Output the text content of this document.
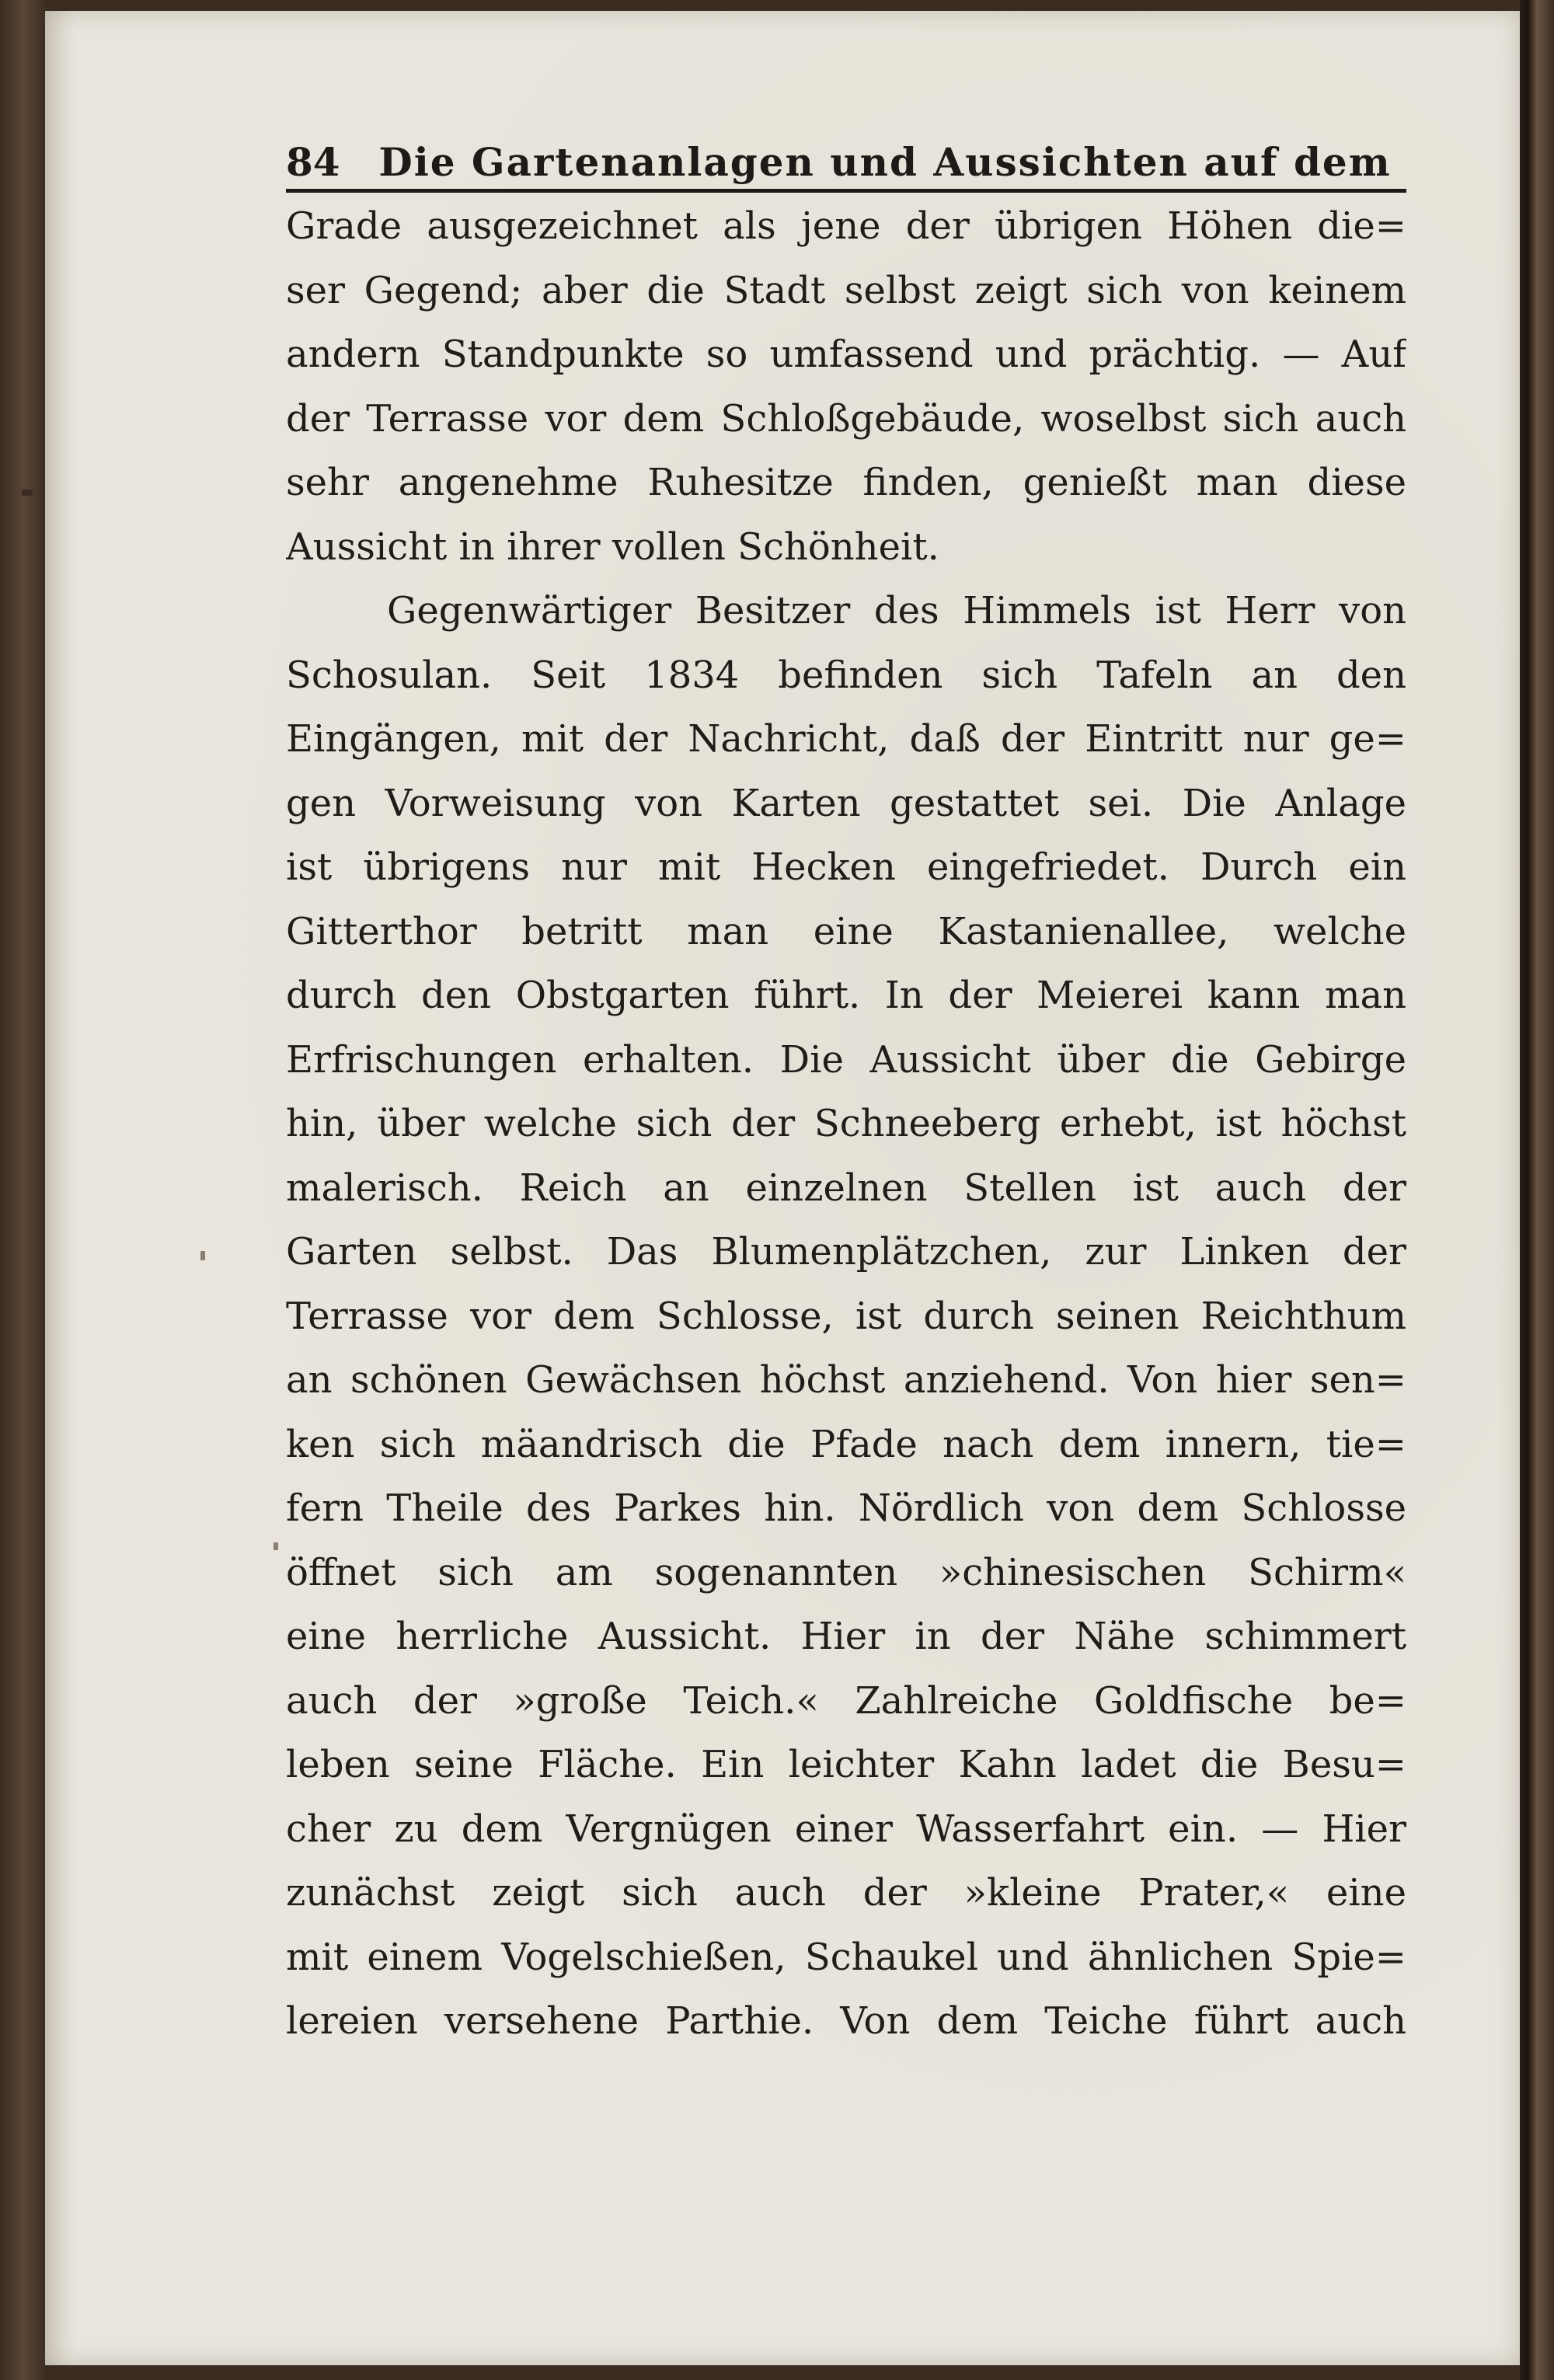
84 Die Gartenanlagen und Aussichten auf dem
Grade ausgezeichnet als jene der übrigen Höhen die=
ser Gegend; aber die Stadt selbst zeigt sich von keinem
andern Standpunkte so umfassend und prächtig. — Auf
der Terrasse vor dem Schloßgebäude, woselbst sich auch
sehr angenehme Ruhesitze finden, genießt man diese
Aussicht in ihrer vollen Schönheit.
Gegenwärtiger Besitzer des Himmels ist Herr von
Schosulan. Seit 1834 befinden sich Tafeln an den
Eingängen, mit der Nachricht, daß der Eintritt nur ge=
gen Vorweisung von Karten gestattet sei. Die Anlage
ist übrigens nur mit Hecken eingefriedet. Durch ein
Gitterthor betritt man eine Kastanienallee, welche
durch den Obstgarten führt. In der Meierei kann man
Erfrischungen erhalten. Die Aussicht über die Gebirge
hin, über welche sich der Schneeberg erhebt, ist höchst
malerisch. Reich an einzelnen Stellen ist auch der
Garten selbst. Das Blumenplätzchen, zur Linken der
Terrasse vor dem Schlosse, ist durch seinen Reichthum
an schönen Gewächsen höchst anziehend. Von hier sen=
ken sich mäandrisch die Pfade nach dem innern, tie=
fern Theile des Parkes hin. Nördlich von dem Schlosse
öffnet sich am sogenannten »chinesischen Schirm«
eine herrliche Aussicht. Hier in der Nähe schimmert
auch der »große Teich.« Zahlreiche Goldfische be=
leben seine Fläche. Ein leichter Kahn ladet die Besu=
cher zu dem Vergnügen einer Wasserfahrt ein. — Hier
zunächst zeigt sich auch der »kleine Prater,« eine
mit einem Vogelschießen, Schaukel und ähnlichen Spie=
lereien versehene Parthie. Von dem Teiche führt auch
